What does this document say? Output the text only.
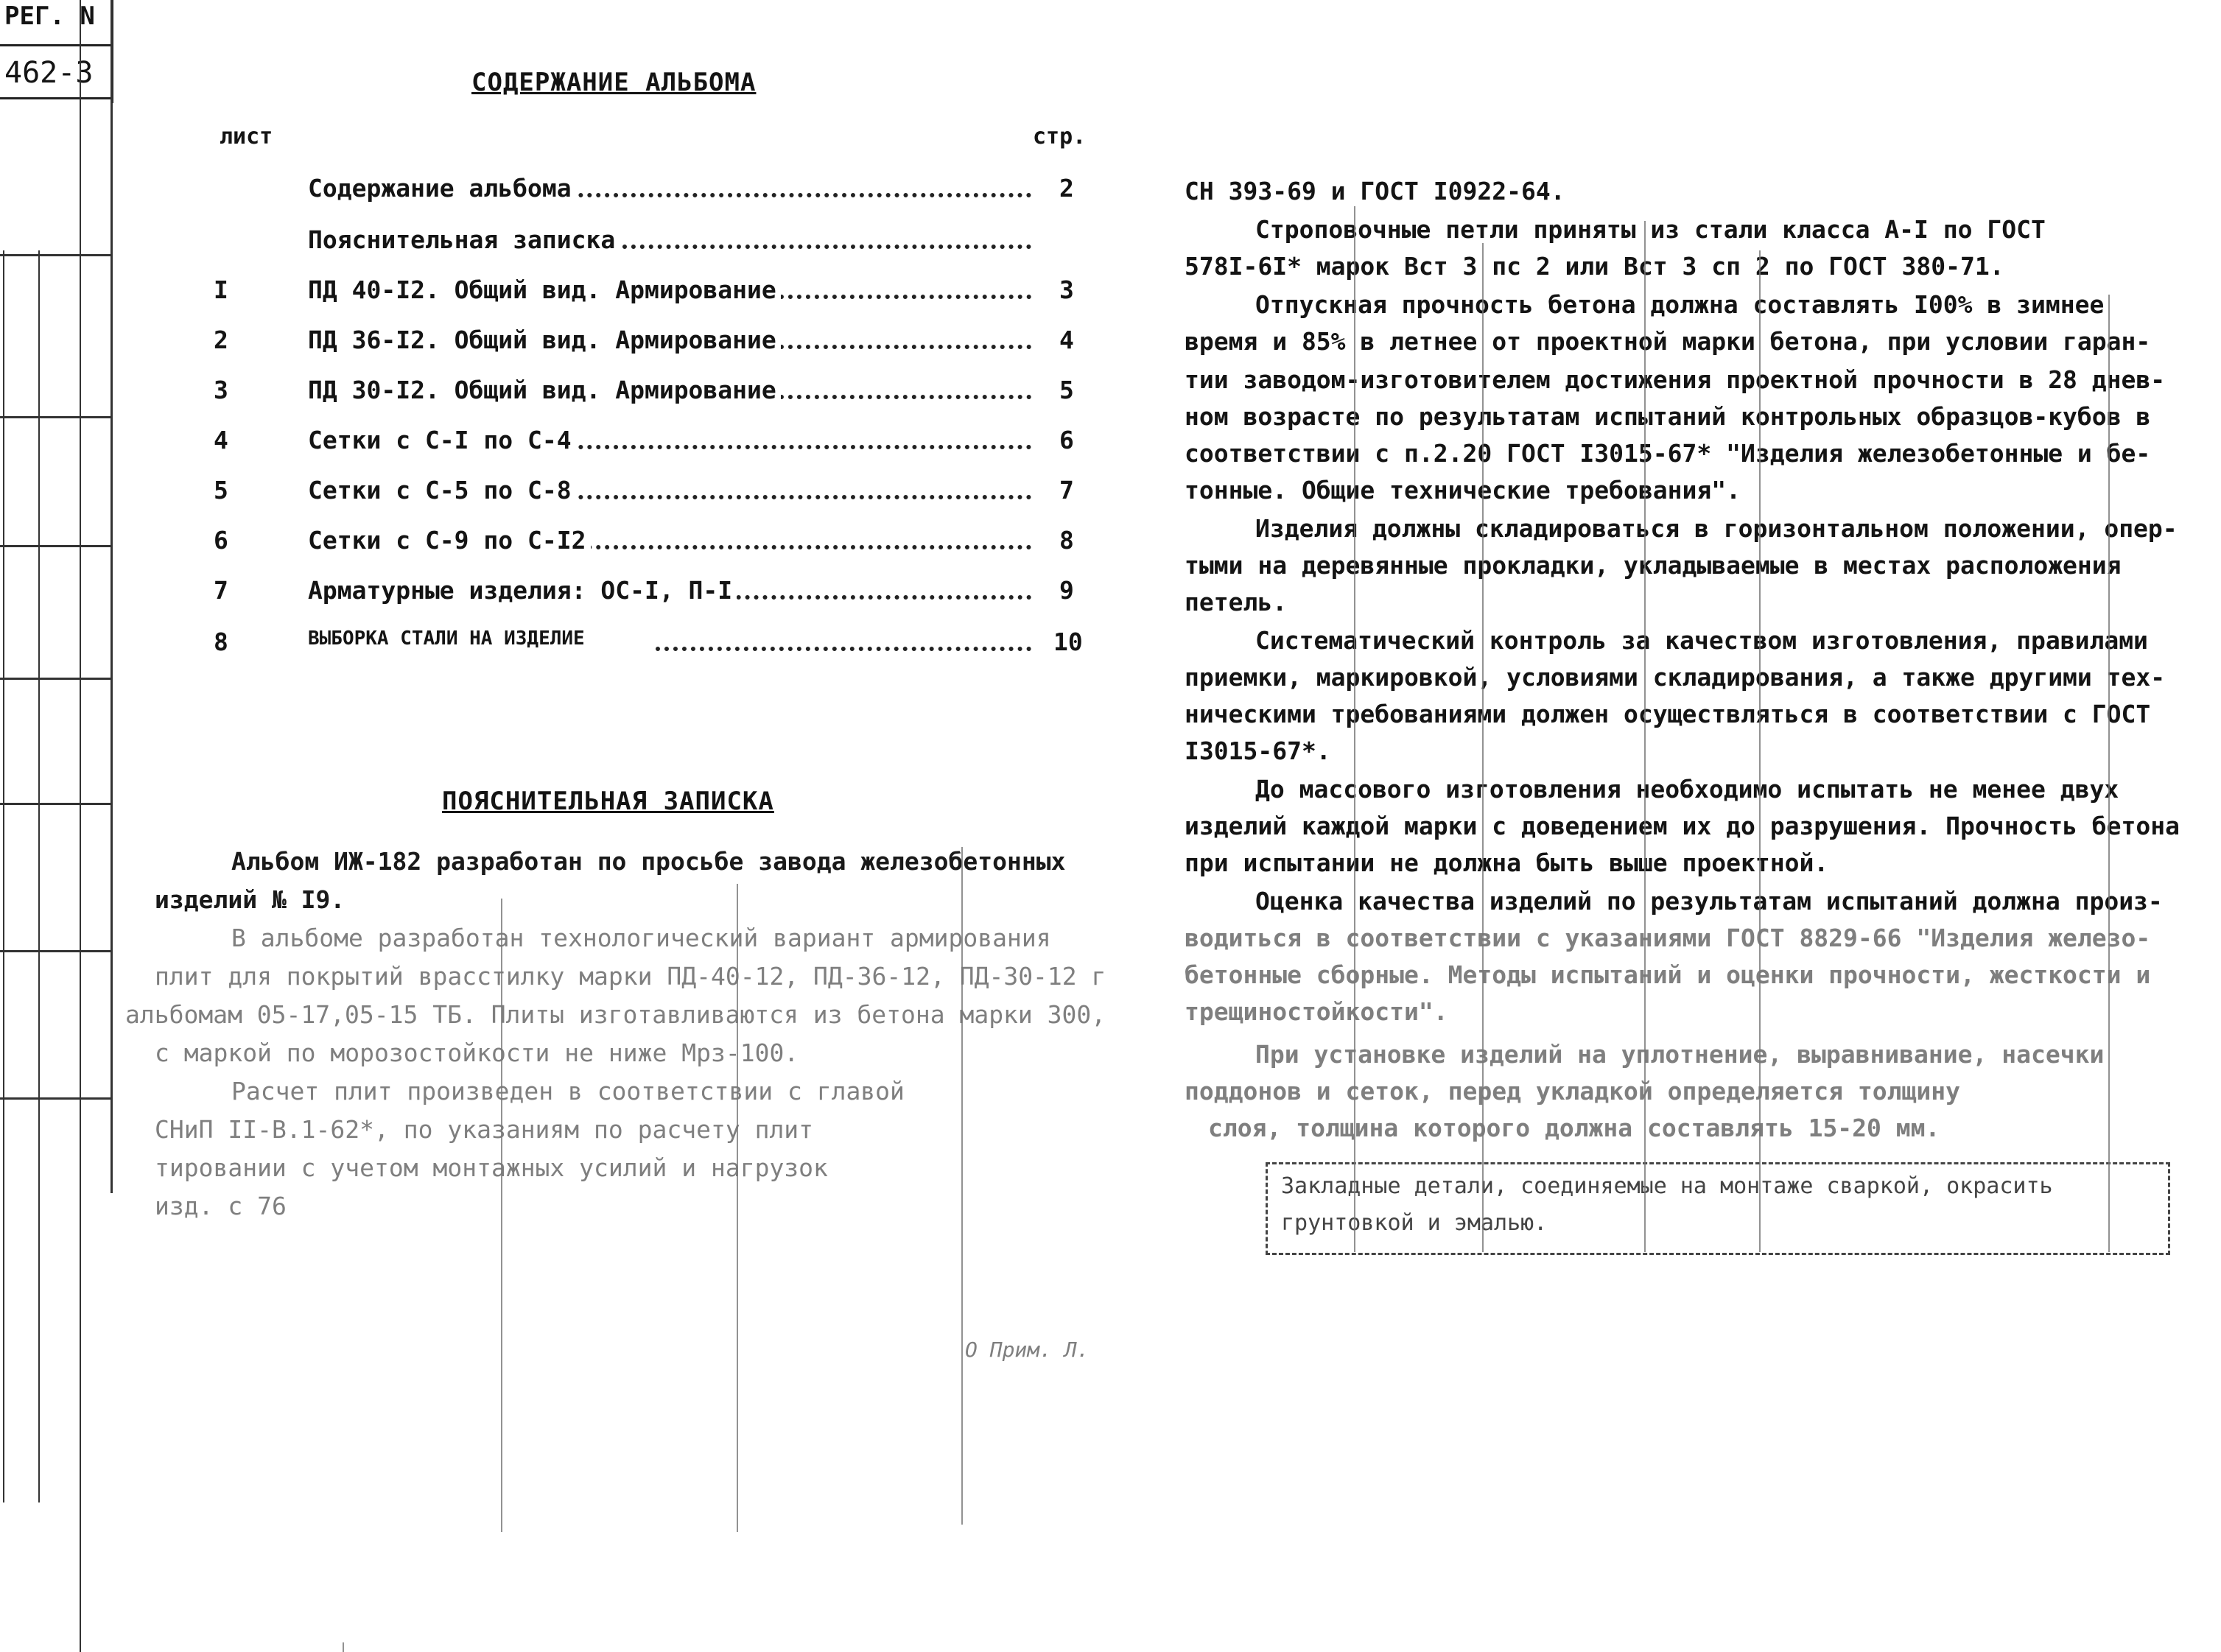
РЕГ. N
462-3	СОДЕРЖАНИЕ АЛЬБОМА
лист	стр.
Содержание альбома	2
Пояснительная записка
I	ПД 40-I2. Общий вид. Армирование	3
2	ПД 36-I2. Общий вид. Армирование	4
3	ПД 30-I2. Общий вид. Армирование	5
4	Сетки с С-I по С-4	6
5	Сетки с С-5 по С-8	7
6	Сетки с С-9 по С-I2	8
7	Арматурные изделия: ОС-I, П-I	9
8	ВЫБОРКА СТАЛИ НА ИЗДЕЛИЕ	10
ПОЯСНИТЕЛЬНАЯ ЗАПИСКА
Альбом ИЖ-182 разработан по просьбе завода железобетонных
изделий № I9.
В альбоме разработан технологический вариант армирования
плит для покрытий врасстилку марки ПД-40-12, ПД-36-12, ПД-30-12 г
альбомам 05-17,05-15 ТБ. Плиты изготавливаются из бетона марки 300,
с маркой по морозостойкости не ниже Мрз-100.
Расчет плит произведен в соответствии с главой
СНиП II-В.1-62*, по указаниям по расчету плит
тировании с учетом монтажных усилий и нагрузок
изд. с 76
О Прим. Л.
СН 393-69 и ГОСТ I0922-64.
Строповочные петли приняты из стали класса А-I по ГОСТ
578I-6I* марок Вст 3 пс 2 или Вст 3 сп 2 по ГОСТ 380-71.
Отпускная прочность бетона должна составлять I00% в зимнее
время и 85% в летнее от проектной марки бетона, при условии гаран-
тии заводом-изготовителем достижения проектной прочности в 28 днев-
ном возрасте по результатам испытаний контрольных образцов-кубов в
соответствии с п.2.20 ГОСТ I3015-67* "Изделия железобетонные и бе-
тонные. Общие технические требования".
Изделия должны складироваться в горизонтальном положении, опер-
тыми на деревянные прокладки, укладываемые в местах расположения
петель.
Систематический контроль за качеством изготовления, правилами
приемки, маркировкой, условиями складирования, а также другими тех-
ническими требованиями должен осуществляться в соответствии с ГОСТ
I3015-67*.
До массового изготовления необходимо испытать не менее двух
изделий каждой марки с доведением их до разрушения. Прочность бетона
при испытании не должна быть выше проектной.
Оценка качества изделий по результатам испытаний должна произ-
водиться в соответствии с указаниями ГОСТ 8829-66 "Изделия железо-
бетонные сборные. Методы испытаний и оценки прочности, жесткости и
трещиностойкости".
При установке изделий на уплотнение, выравнивание, насечки
поддонов и сеток, перед укладкой определяется толщину
слоя, толщина которого должна составлять 15-20 мм.
Закладные детали, соединяемые на монтаже сваркой, окрасить
грунтовкой и эмалью.
